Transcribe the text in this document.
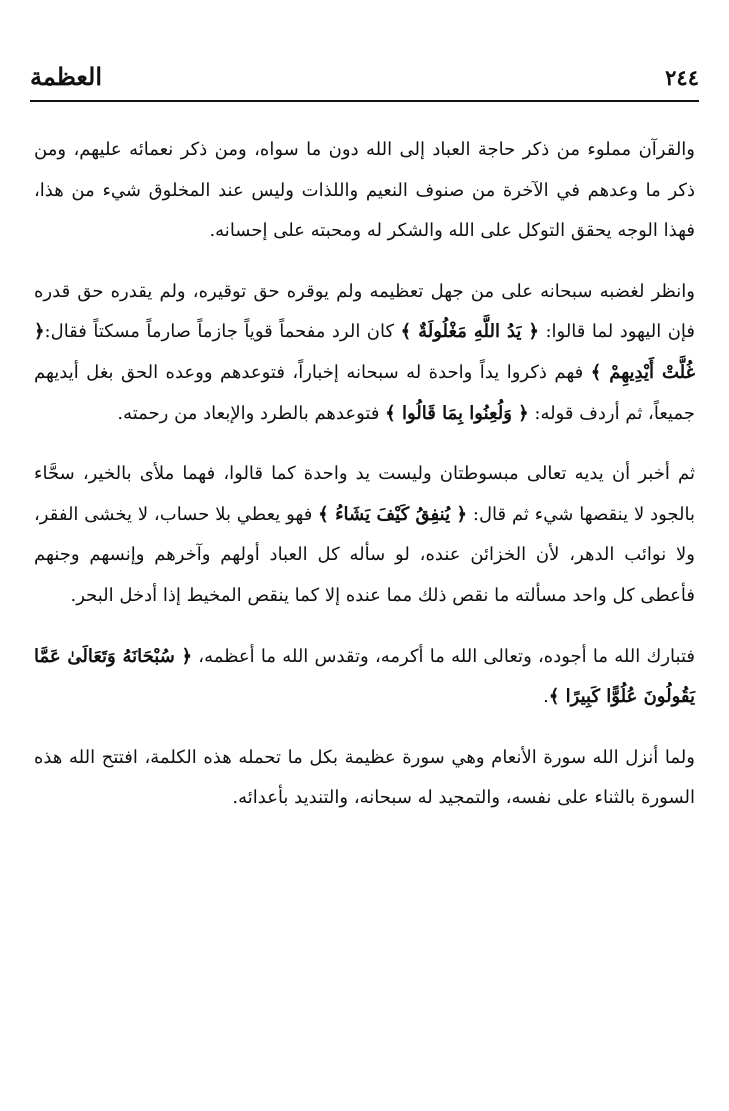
٢٤٤
العظمة

والقرآن مملوء من ذكر حاجة العباد إلى الله دون ما سواه، ومن ذكر نعمائه عليهم، ومن ذكر ما وعدهم في الآخرة من صنوف النعيم واللذات وليس عند المخلوق شيء من هذا، فهذا الوجه يحقق التوكل على الله والشكر له ومحبته على إحسانه.

وانظر لغضبه سبحانه على من جهل تعظيمه ولم يوقره حق توقيره، ولم يقدره حق قدره فإن اليهود لما قالوا: ﴿ يَدُ اللَّهِ مَغْلُولَةٌ ﴾ كان الرد مفحماً قوياً جازماً صارماً مسكتاً فقال:﴿ غُلَّتْ أَيْدِيهِمْ ﴾ فهم ذكروا يداً واحدة له سبحانه إخباراً، فتوعدهم ووعده الحق بغل أيديهم جميعاً، ثم أردف قوله: ﴿ وَلُعِنُوا بِمَا قَالُوا ﴾ فتوعدهم بالطرد والإبعاد من رحمته.

ثم أخبر أن يديه تعالى مبسوطتان وليست يد واحدة كما قالوا، فهما ملأى بالخير، سحَّاء بالجود لا ينقصها شيء ثم قال: ﴿ يُنفِقُ كَيْفَ يَشَاءُ ﴾ فهو يعطي بلا حساب، لا يخشى الفقر، ولا نوائب الدهر، لأن الخزائن عنده، لو سأله كل العباد أولهم وآخرهم وإنسهم وجنهم فأعطى كل واحد مسألته ما نقص ذلك مما عنده إلا كما ينقص المخيط إذا أدخل البحر.

فتبارك الله ما أجوده، وتعالى الله ما أكرمه، وتقدس الله ما أعظمه، ﴿ سُبْحَانَهُ وَتَعَالَىٰ عَمَّا يَقُولُونَ عُلُوًّا كَبِيرًا ﴾.

ولما أنزل الله سورة الأنعام وهي سورة عظيمة بكل ما تحمله هذه الكلمة، افتتح الله هذه السورة بالثناء على نفسه، والتمجيد له سبحانه، والتنديد بأعدائه.
